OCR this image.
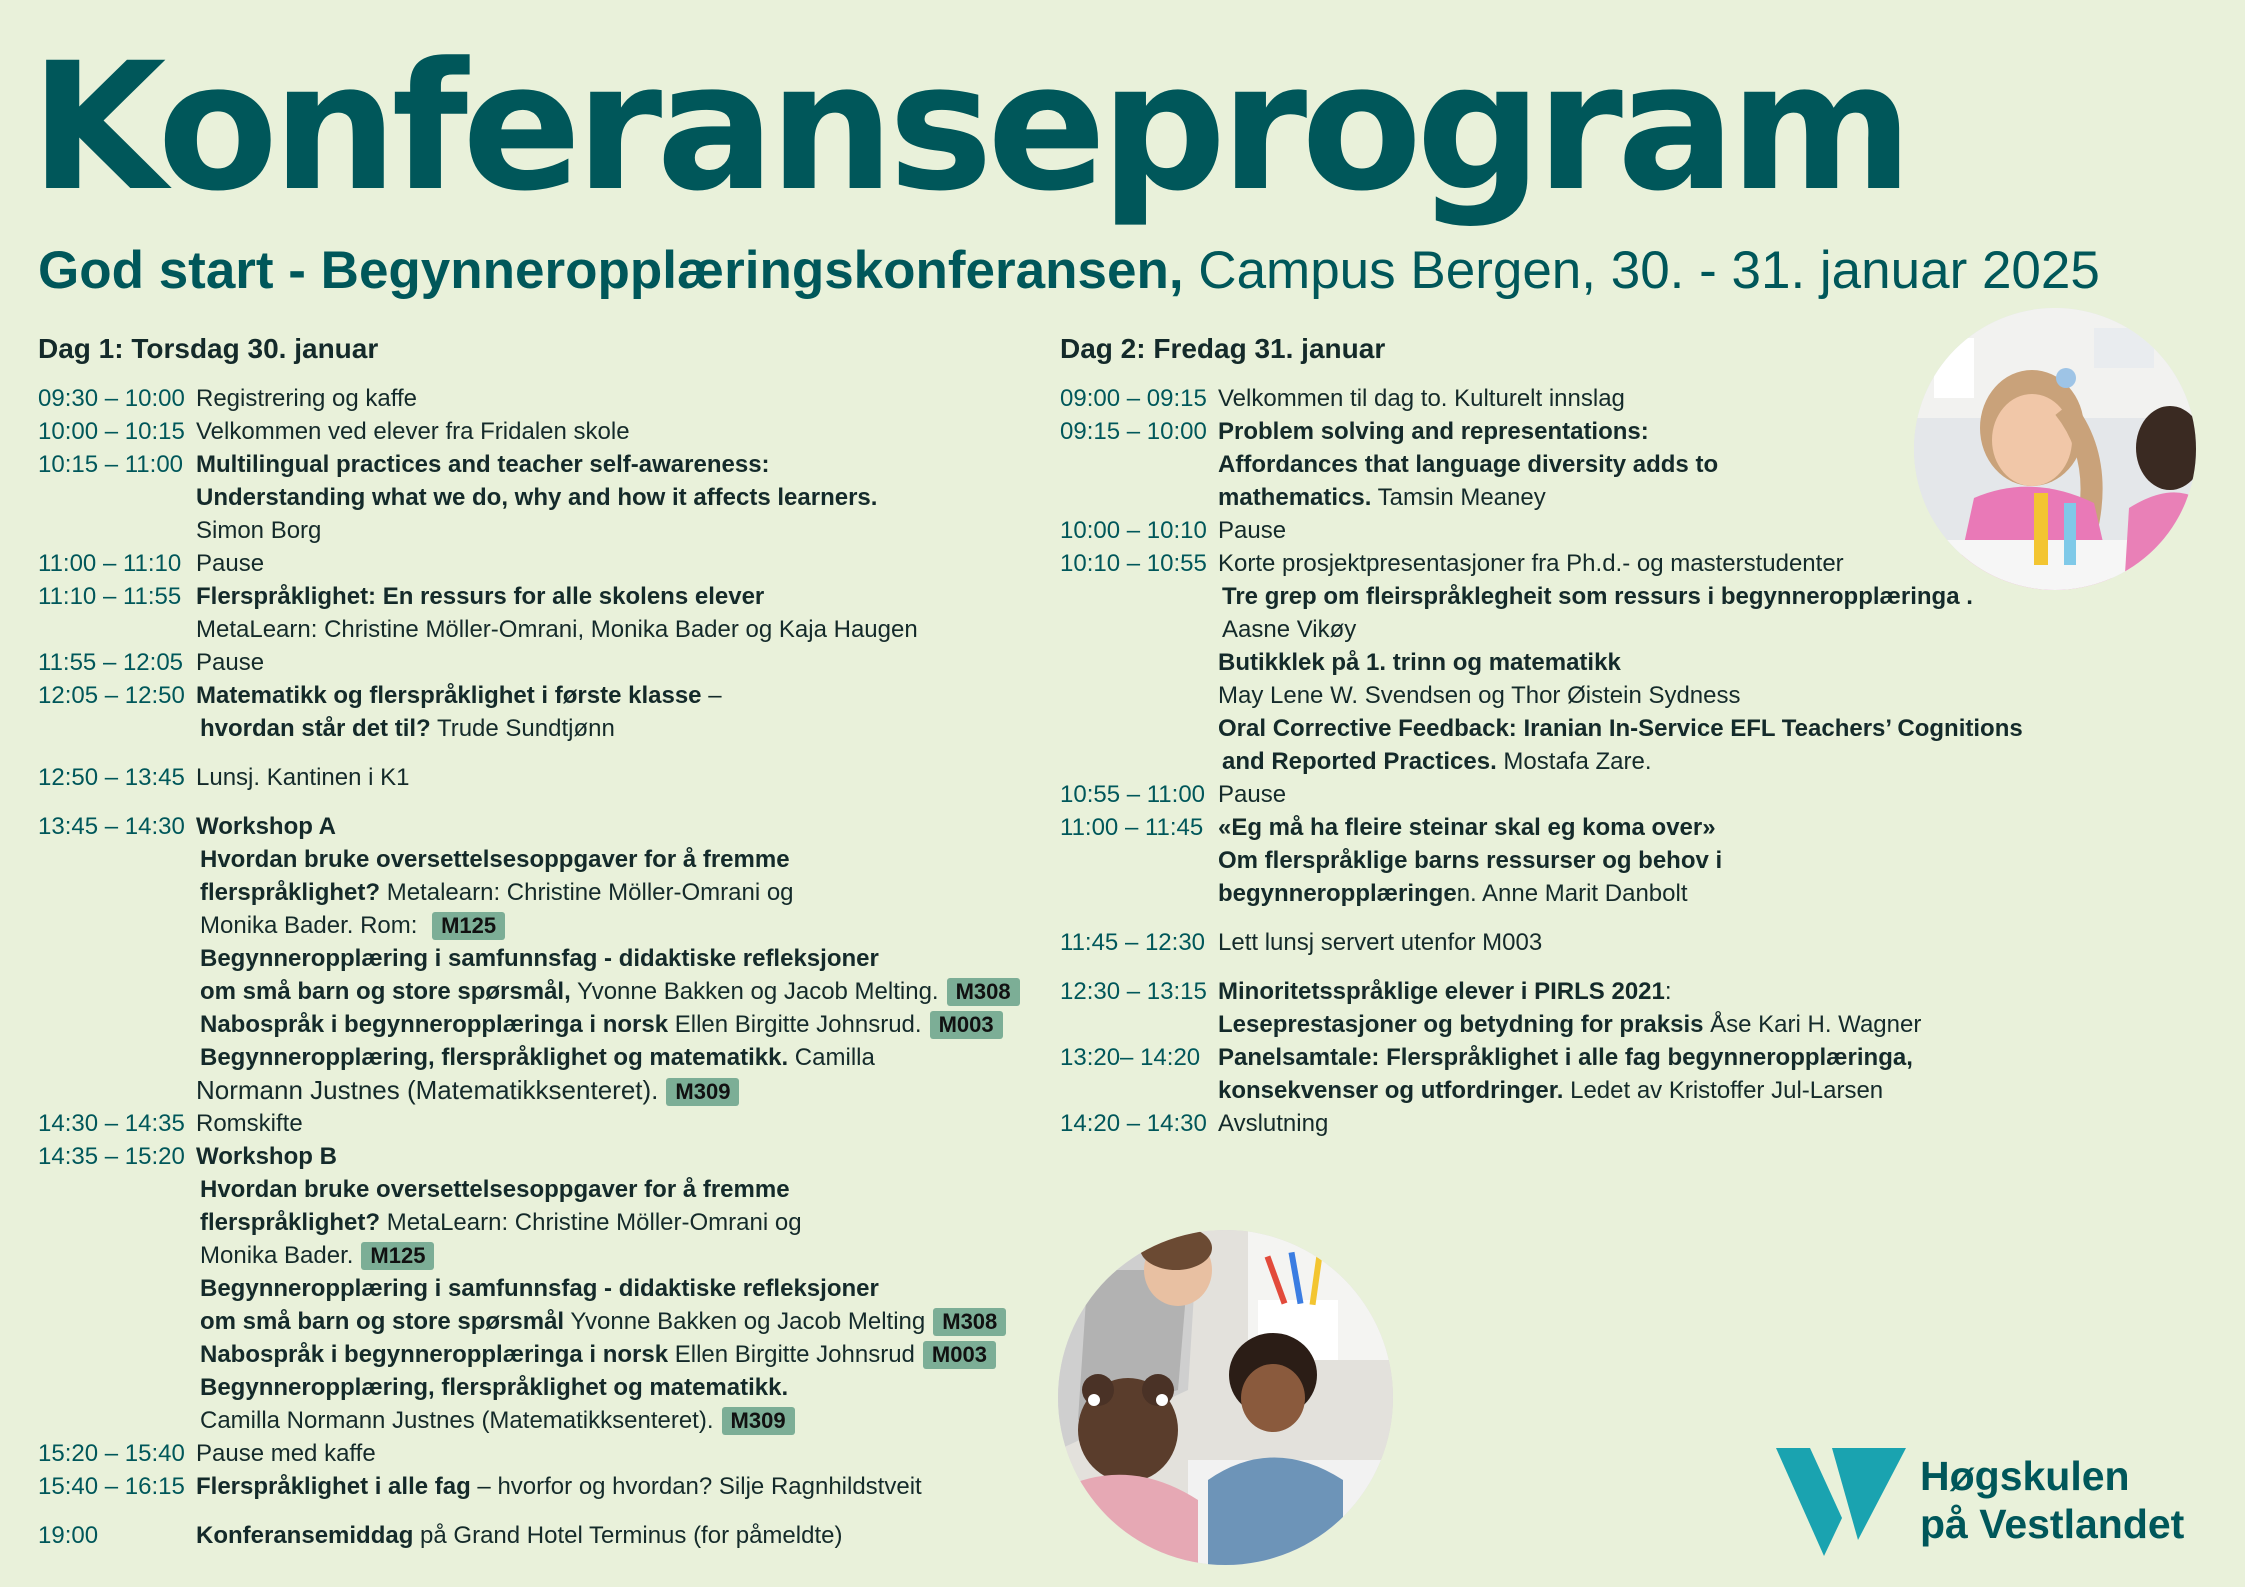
Konferanseprogram
God start - Begynneropplæringskonferansen, Campus Bergen, 30. - 31. januar 2025
Dag 1: Torsdag 30. januar
09:30 – 10:00 Registrering og kaffe
10:00 – 10:15 Velkommen ved elever fra Fridalen skole
10:15 – 11:00 Multilingual practices and teacher self-awareness:
Understanding what we do, why and how it affects learners.
Simon Borg
11:00 – 11:10 Pause
11:10 – 11:55 Flerspråklighet: En ressurs for alle skolens elever
MetaLearn: Christine Möller-Omrani, Monika Bader og Kaja Haugen
11:55 – 12:05 Pause
12:05 – 12:50 Matematikk og flerspråklighet i første klasse –
hvordan står det til? Trude Sundtjønn
12:50 – 13:45 Lunsj. Kantinen i K1
13:45 – 14:30 Workshop A
Hvordan bruke oversettelsesoppgaver for å fremme
flerspråklighet? Metalearn: Christine Möller-Omrani og
Monika Bader. Rom: M125
Begynneropplæring i samfunnsfag - didaktiske refleksjoner
om små barn og store spørsmål, Yvonne Bakken og Jacob Melting. M308
Nabospråk i begynneropplæringa i norsk Ellen Birgitte Johnsrud. M003
Begynneropplæring, flerspråklighet og matematikk. Camilla
Normann Justnes (Matematikksenteret). M309
14:30 – 14:35 Romskifte
14:35 – 15:20 Workshop B
Hvordan bruke oversettelsesoppgaver for å fremme
flerspråklighet? MetaLearn: Christine Möller-Omrani og
Monika Bader. M125
Begynneropplæring i samfunnsfag - didaktiske refleksjoner
om små barn og store spørsmål Yvonne Bakken og Jacob Melting M308
Nabospråk i begynneropplæringa i norsk Ellen Birgitte Johnsrud M003
Begynneropplæring, flerspråklighet og matematikk.
Camilla Normann Justnes (Matematikksenteret). M309
15:20 – 15:40 Pause med kaffe
15:40 – 16:15 Flerspråklighet i alle fag – hvorfor og hvordan? Silje Ragnhildstveit
19:00	Konferansemiddag på Grand Hotel Terminus (for påmeldte)
Dag 2: Fredag 31. januar
09:00 – 09:15 Velkommen til dag to. Kulturelt innslag
09:15 – 10:00 Problem solving and representations:
Affordances that language diversity adds to
mathematics. Tamsin Meaney
10:00 – 10:10 Pause
10:10 – 10:55 Korte prosjektpresentasjoner fra Ph.d.- og masterstudenter
Tre grep om fleirspråklegheit som ressurs i begynneropplæringa .
Aasne Vikøy
Butikklek på 1. trinn og matematikk
May Lene W. Svendsen og Thor Øistein Sydness
Oral Corrective Feedback: Iranian In-Service EFL Teachers’ Cognitions
and Reported Practices. Mostafa Zare.
10:55 – 11:00 Pause
11:00 – 11:45 «Eg må ha fleire steinar skal eg koma over»
Om flerspråklige barns ressurser og behov i
begynneropplæringen. Anne Marit Danbolt
11:45 – 12:30 Lett lunsj servert utenfor M003
12:30 – 13:15 Minoritetsspråklige elever i PIRLS 2021:
Leseprestasjoner og betydning for praksis Åse Kari H. Wagner
13:20– 14:20 Panelsamtale: Flerspråklighet i alle fag begynneropplæringa,
konsekvenser og utfordringer. Ledet av Kristoffer Jul-Larsen
14:20 – 14:30 Avslutning
Høgskulen
på Vestlandet
